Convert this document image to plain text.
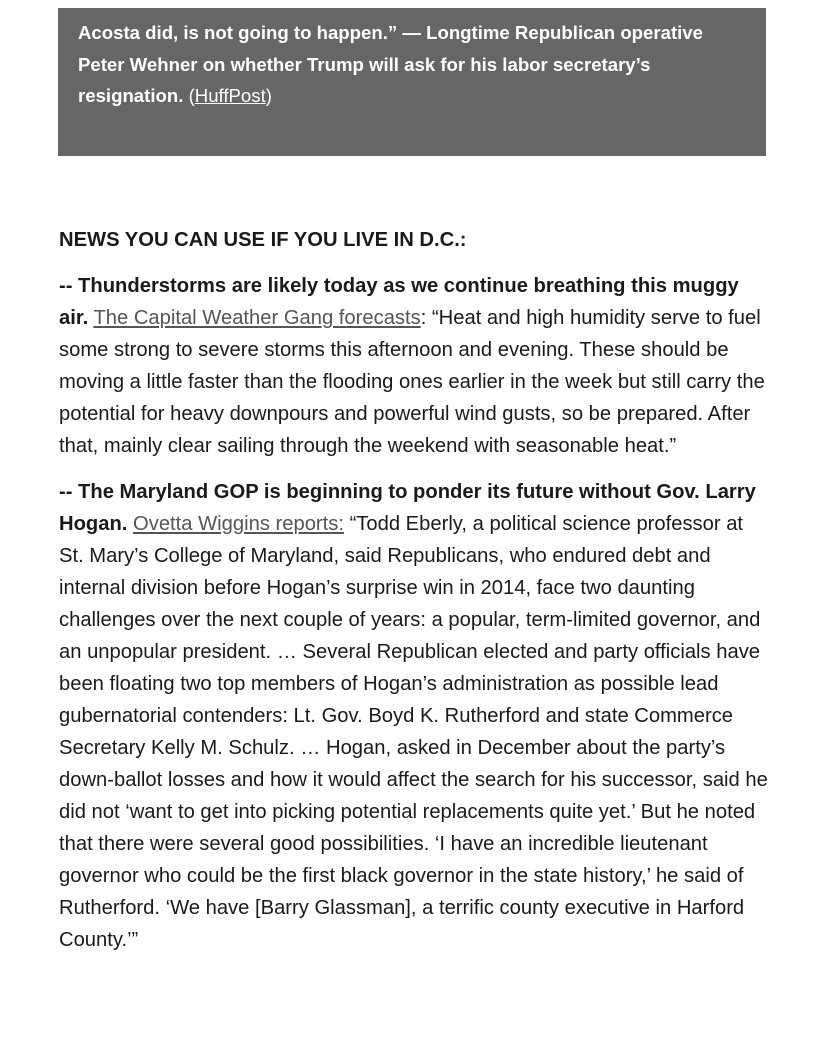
Acosta did, is not going to happen.” — Longtime Republican operative Peter Wehner on whether Trump will ask for his labor secretary’s resignation. (HuffPost)
NEWS YOU CAN USE IF YOU LIVE IN D.C.:

-- Thunderstorms are likely today as we continue breathing this muggy air. The Capital Weather Gang forecasts: “Heat and high humidity serve to fuel some strong to severe storms this afternoon and evening. These should be moving a little faster than the flooding ones earlier in the week but still carry the potential for heavy downpours and powerful wind gusts, so be prepared. After that, mainly clear sailing through the weekend with seasonable heat.”

-- The Maryland GOP is beginning to ponder its future without Gov. Larry Hogan. Ovetta Wiggins reports: “Todd Eberly, a political science professor at St. Mary’s College of Maryland, said Republicans, who endured debt and internal division before Hogan’s surprise win in 2014, face two daunting challenges over the next couple of years: a popular, term-limited governor, and an unpopular president. … Several Republican elected and party officials have been floating two top members of Hogan’s administration as possible lead gubernatorial contenders: Lt. Gov. Boyd K. Rutherford and state Commerce Secretary Kelly M. Schulz. … Hogan, asked in December about the party’s down-ballot losses and how it would affect the search for his successor, said he did not ‘want to get into picking potential replacements quite yet.’ But he noted that there were several good possibilities. ‘I have an incredible lieutenant governor who could be the first black governor in the state history,’ he said of Rutherford. ‘We have [Barry Glassman], a terrific county executive in Harford County.’”
